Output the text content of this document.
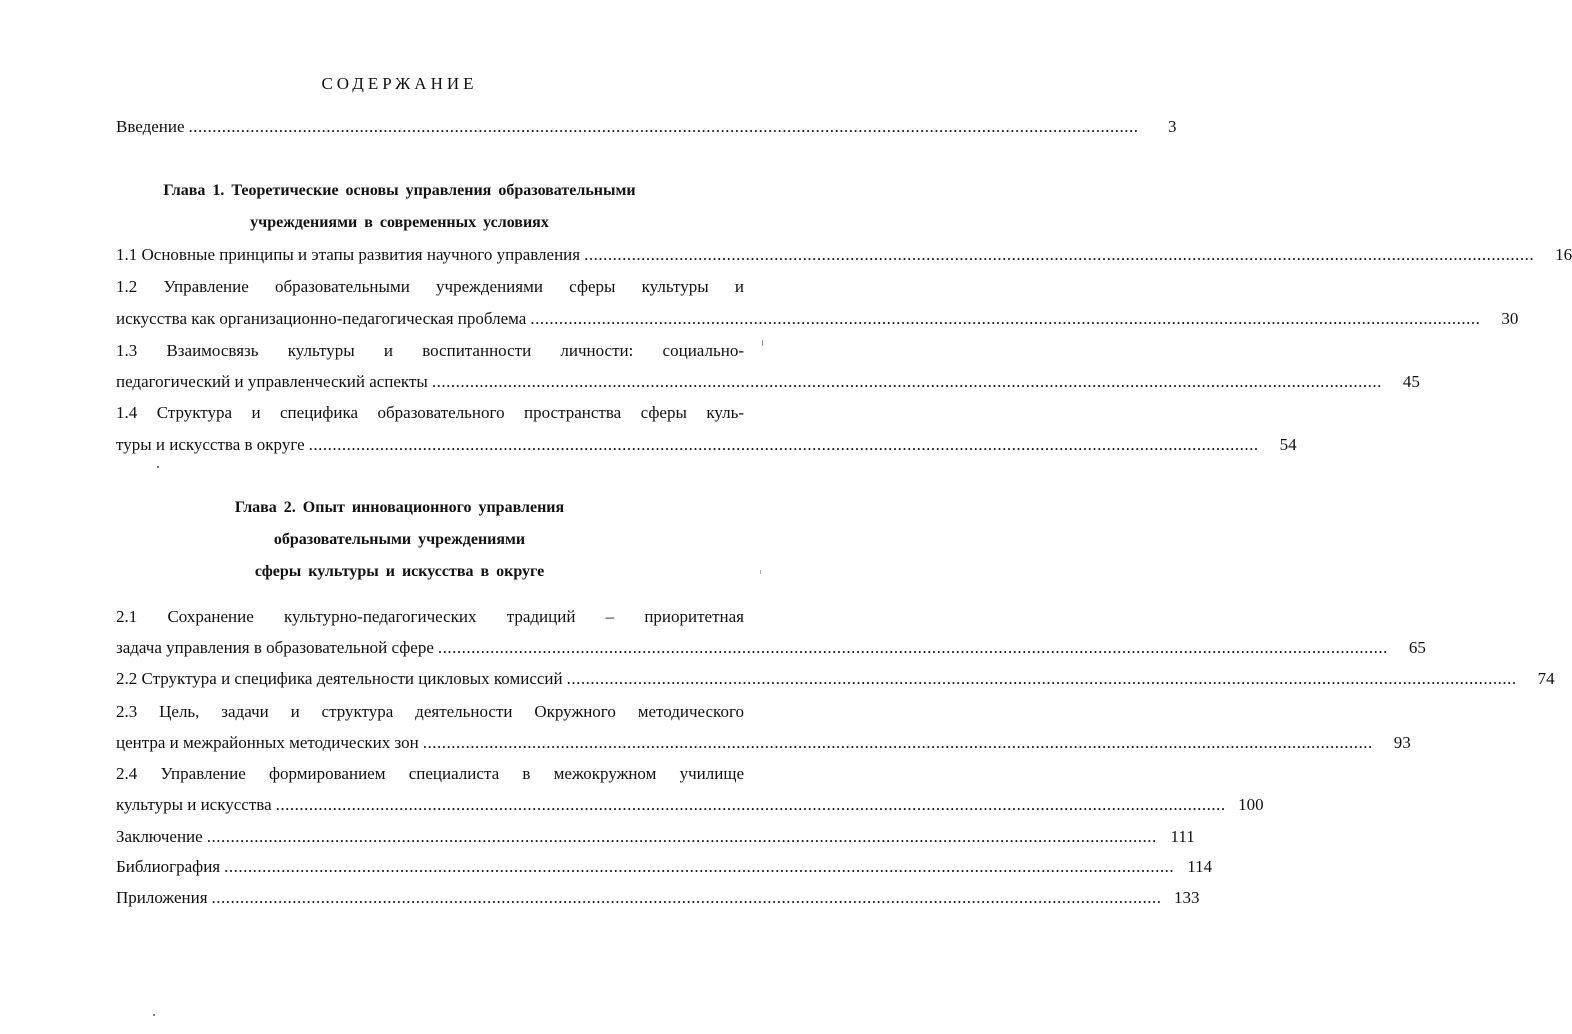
СОДЕРЖАНИЕ
Введение ........................................................................................................................................................................................................	3
Глава 1. Теоретические основы управления образовательными
учреждениями в современных условиях
1.1 Основные принципы и этапы развития научного управления ........................................................................................................................................................................................................	16
1.2 Управление образовательными учреждениями сферы культуры и
искусства как организационно-педагогическая проблема ........................................................................................................................................................................................................	30
1.3 Взаимосвязь культуры и воспитанности личности: социально-
педагогический и управленческий аспекты ........................................................................................................................................................................................................	45
1.4 Структура и специфика образовательного пространства сферы куль-
туры и искусства в округе ........................................................................................................................................................................................................	54
Глава 2. Опыт инновационного управления
образовательными учреждениями
сферы культуры и искусства в округе
2.1 Сохранение культурно-педагогических традиций – приоритетная
задача управления в образовательной сфере ........................................................................................................................................................................................................	65
2.2 Структура и специфика деятельности цикловых комиссий ........................................................................................................................................................................................................	74
2.3 Цель, задачи и структура деятельности Окружного методического
центра и межрайонных методических зон ........................................................................................................................................................................................................	93
2.4 Управление формированием специалиста в межокружном училище
культуры и искусства ........................................................................................................................................................................................................ 100
Заключение ........................................................................................................................................................................................................ 111
Библиография ........................................................................................................................................................................................................ 114
Приложения ........................................................................................................................................................................................................ 133
